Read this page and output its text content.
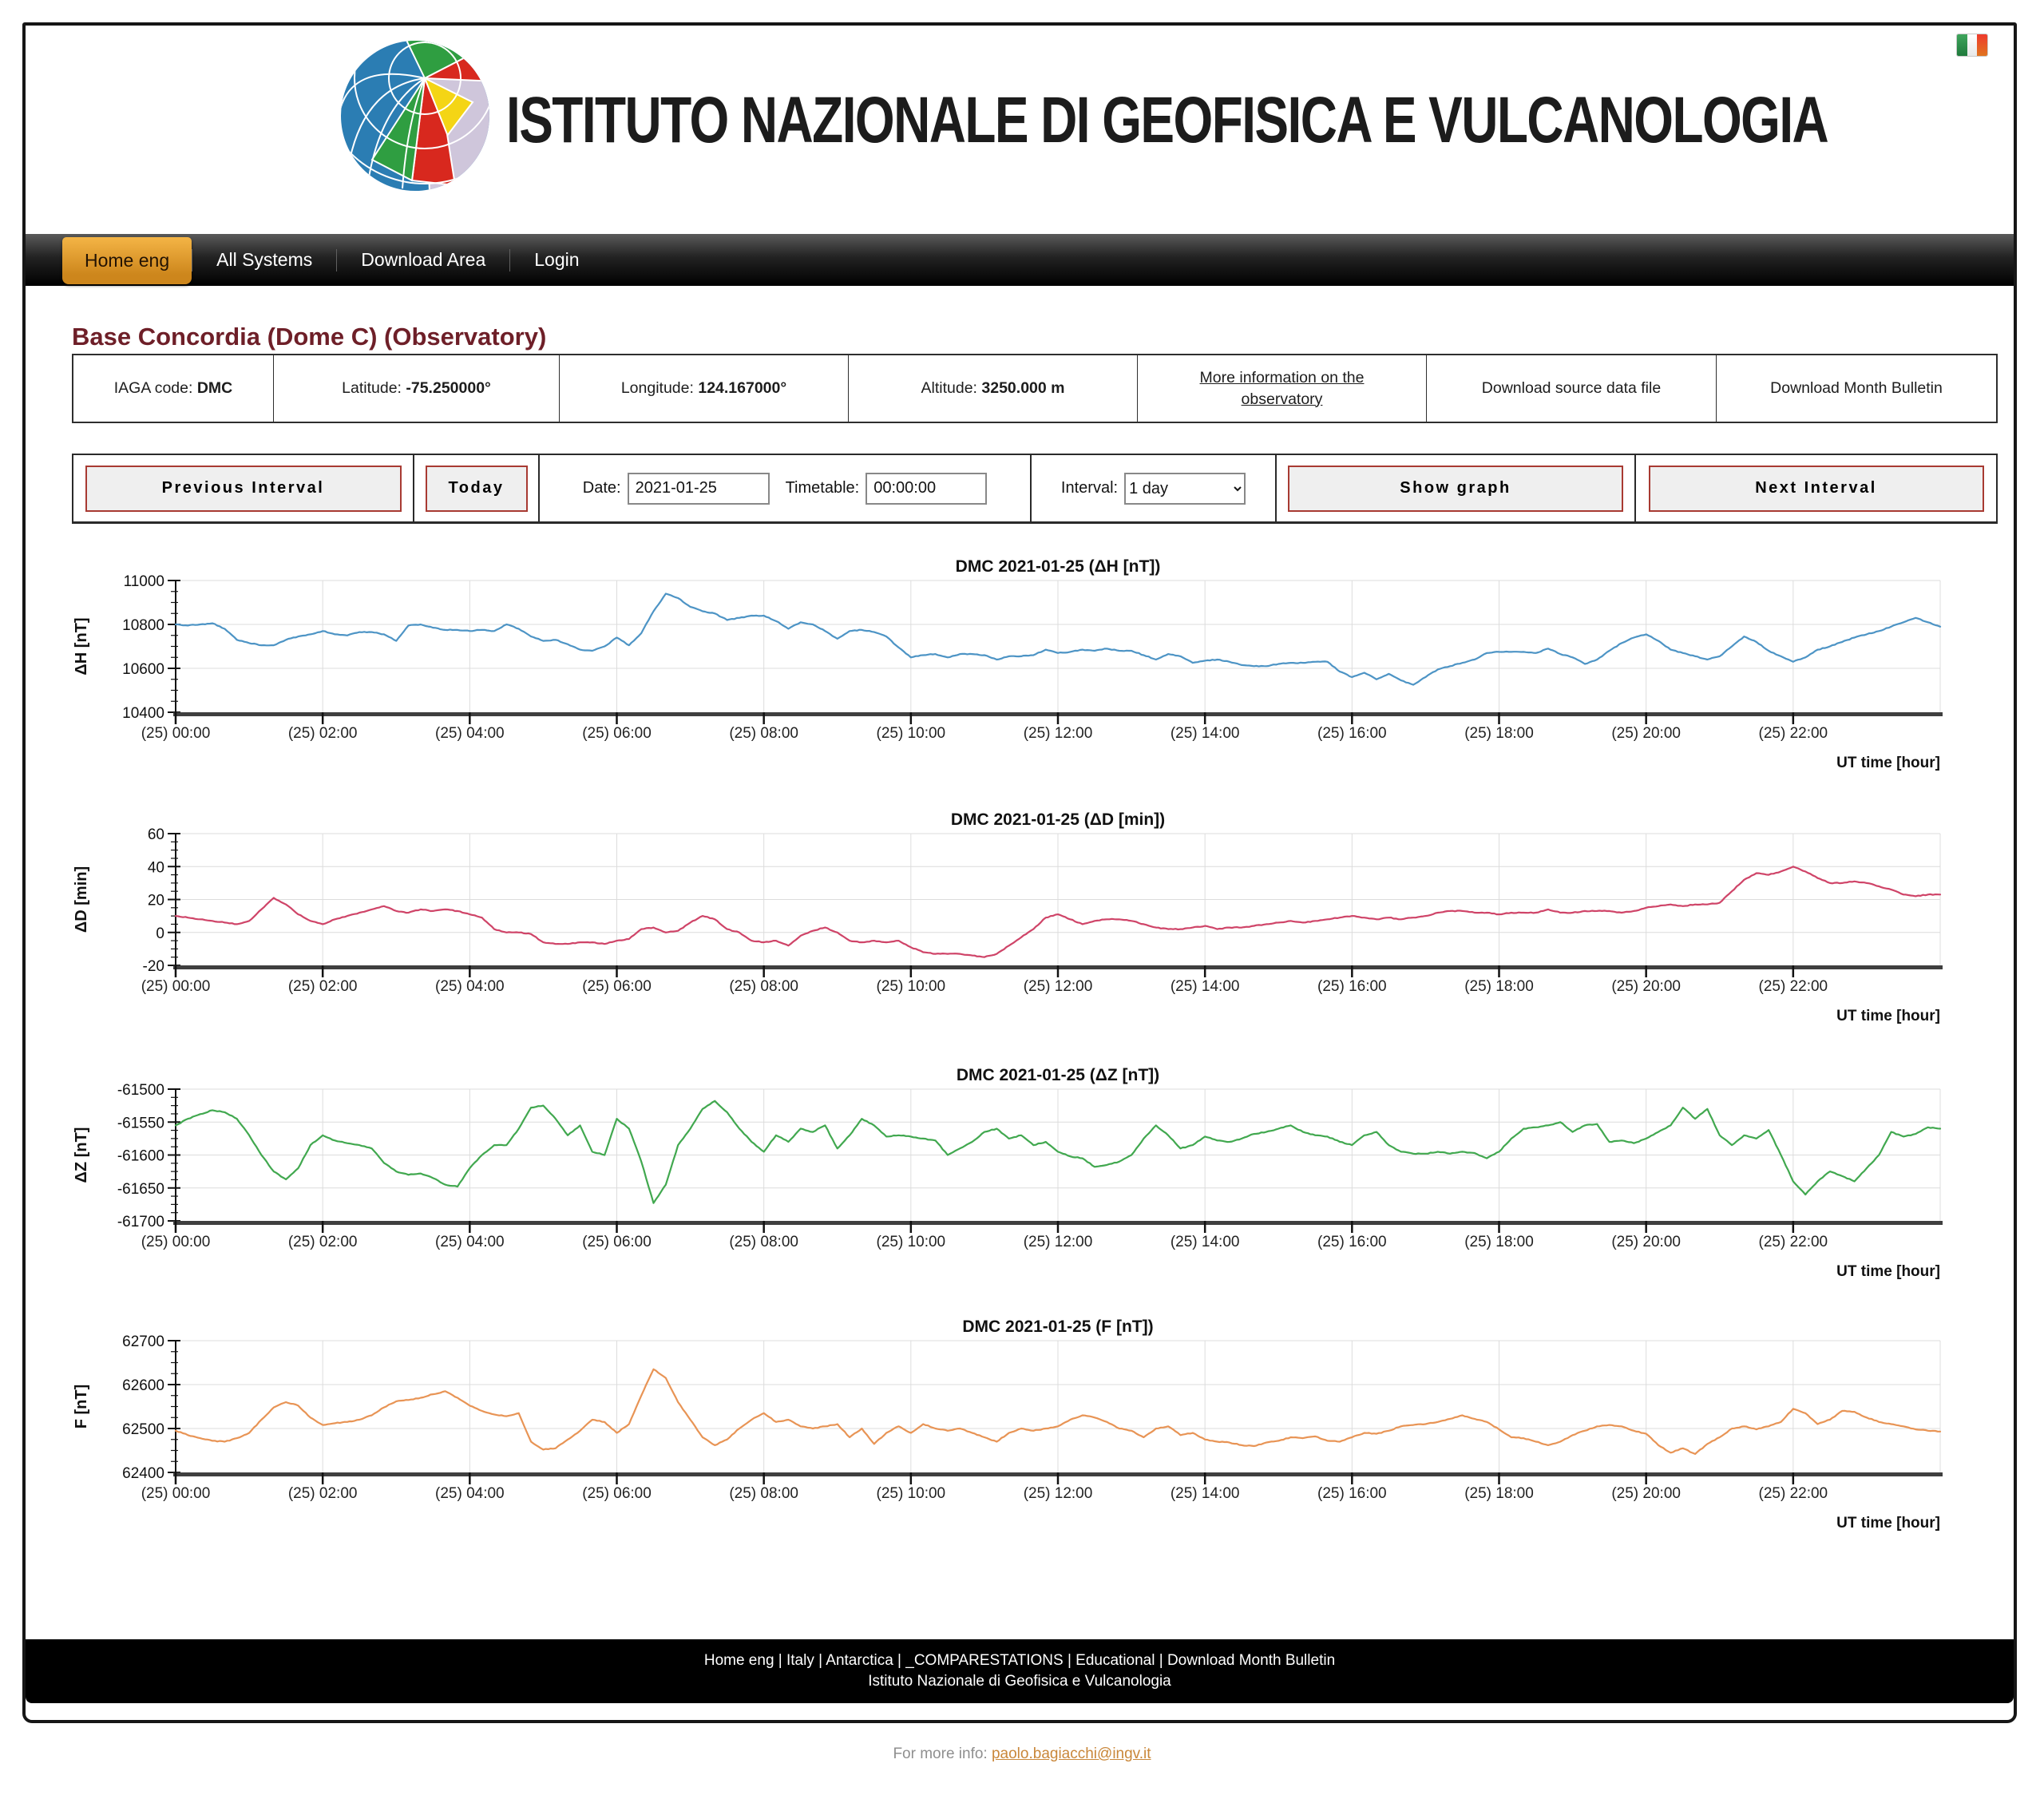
ISTITUTO NAZIONALE DI GEOFISICA E VULCANOLOGIA
Home eng	All Systems	Download Area	Login
Base Concordia (Dome C) (Observatory)
IAGA code: DMC	Latitude: -75.250000°	Longitude: 124.167000°	Altitude: 3250.000 m
More information on the observatory
Download source data file	Download Month Bulletin
Previous Interval	Today	Date:
2021-01-25	Timetable:
00:00:00	Interval:
1 day	Show graph	Next Interval
10400
10600
10800
11000
(25) 00:00	(25) 02:00	(25) 04:00	(25) 06:00	(25) 08:00	(25) 10:00	(25) 12:00	(25) 14:00	(25) 16:00	(25) 18:00	(25) 20:00	(25) 22:00
DMC 2021-01-25 (ΔH [nT])
ΔH [nT]
UT time [hour]
-20
0
20
40
60
(25) 00:00	(25) 02:00	(25) 04:00	(25) 06:00	(25) 08:00	(25) 10:00	(25) 12:00	(25) 14:00	(25) 16:00	(25) 18:00	(25) 20:00	(25) 22:00
DMC 2021-01-25 (ΔD [min])
ΔD [min]
UT time [hour]
-61700
-61650
-61600
-61550
-61500
(25) 00:00	(25) 02:00	(25) 04:00	(25) 06:00	(25) 08:00	(25) 10:00	(25) 12:00	(25) 14:00	(25) 16:00	(25) 18:00	(25) 20:00	(25) 22:00
DMC 2021-01-25 (ΔZ [nT])
ΔZ [nT]
UT time [hour]
62400
62500
62600
62700
(25) 00:00	(25) 02:00	(25) 04:00	(25) 06:00	(25) 08:00	(25) 10:00	(25) 12:00	(25) 14:00	(25) 16:00	(25) 18:00	(25) 20:00	(25) 22:00
DMC 2021-01-25 (F [nT])
F [nT]
UT time [hour]
Home eng | Italy | Antarctica | _COMPARESTATIONS | Educational | Download Month Bulletin
Istituto Nazionale di Geofisica e Vulcanologia
For more info: paolo.bagiacchi@ingv.it
